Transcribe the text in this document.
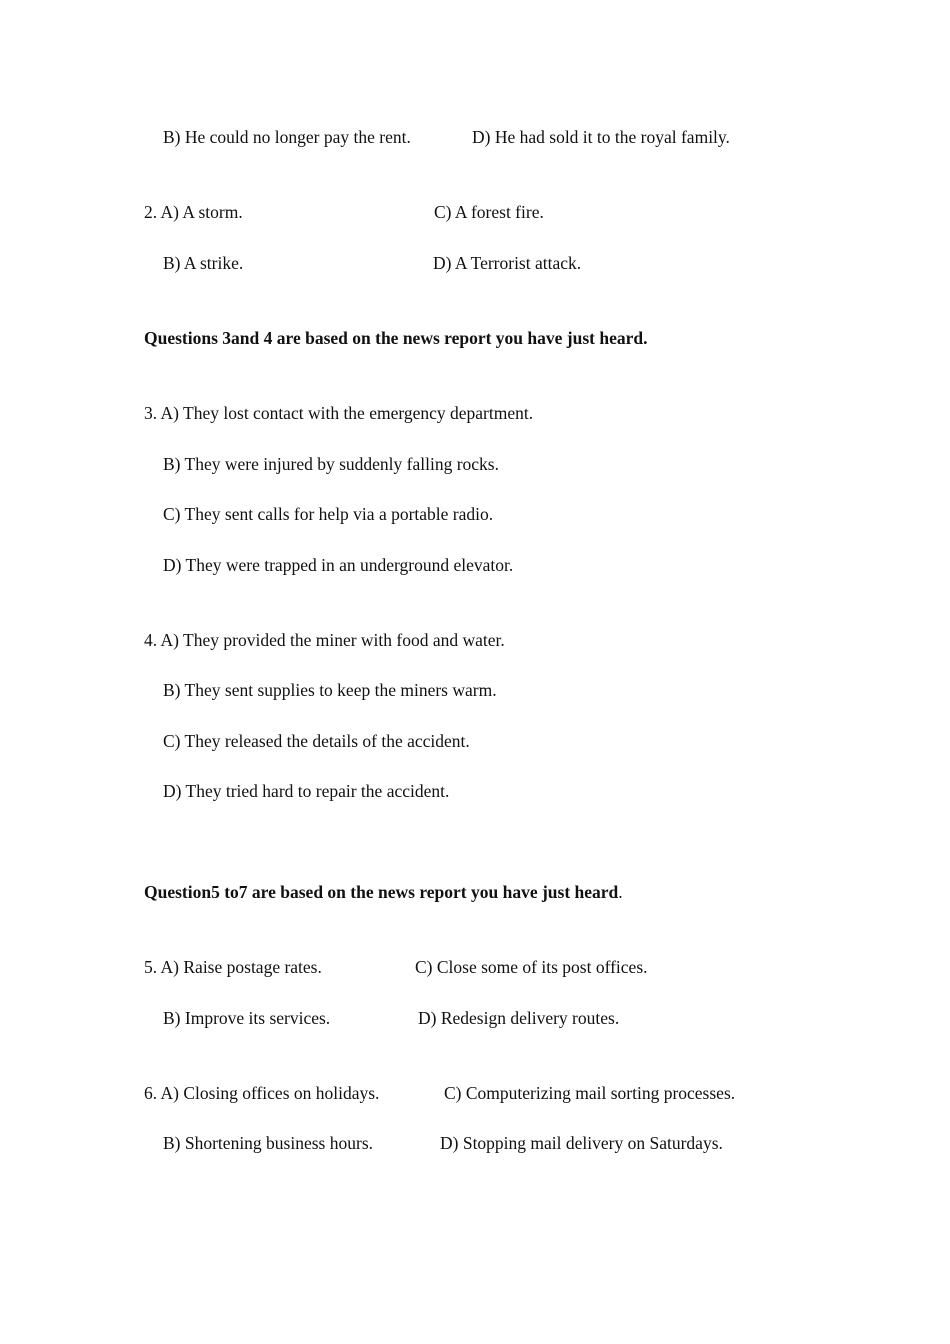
B) He could no longer pay the rent.	D) He had sold it to the royal family.
2. A) A storm.	C) A forest fire.
B) A strike.	D) A Terrorist attack.
Questions 3and 4 are based on the news report you have just heard.
3. A) They lost contact with the emergency department.
B) They were injured by suddenly falling rocks.
C) They sent calls for help via a portable radio.
D) They were trapped in an underground elevator.
4. A) They provided the miner with food and water.
B) They sent supplies to keep the miners warm.
C) They released the details of the accident.
D) They tried hard to repair the accident.
Question5 to7 are based on the news report you have just heard.
5. A) Raise postage rates.	C) Close some of its post offices.
B) Improve its services.	D) Redesign delivery routes.
6. A) Closing offices on holidays.	C) Computerizing mail sorting processes.
B) Shortening business hours.	D) Stopping mail delivery on Saturdays.
